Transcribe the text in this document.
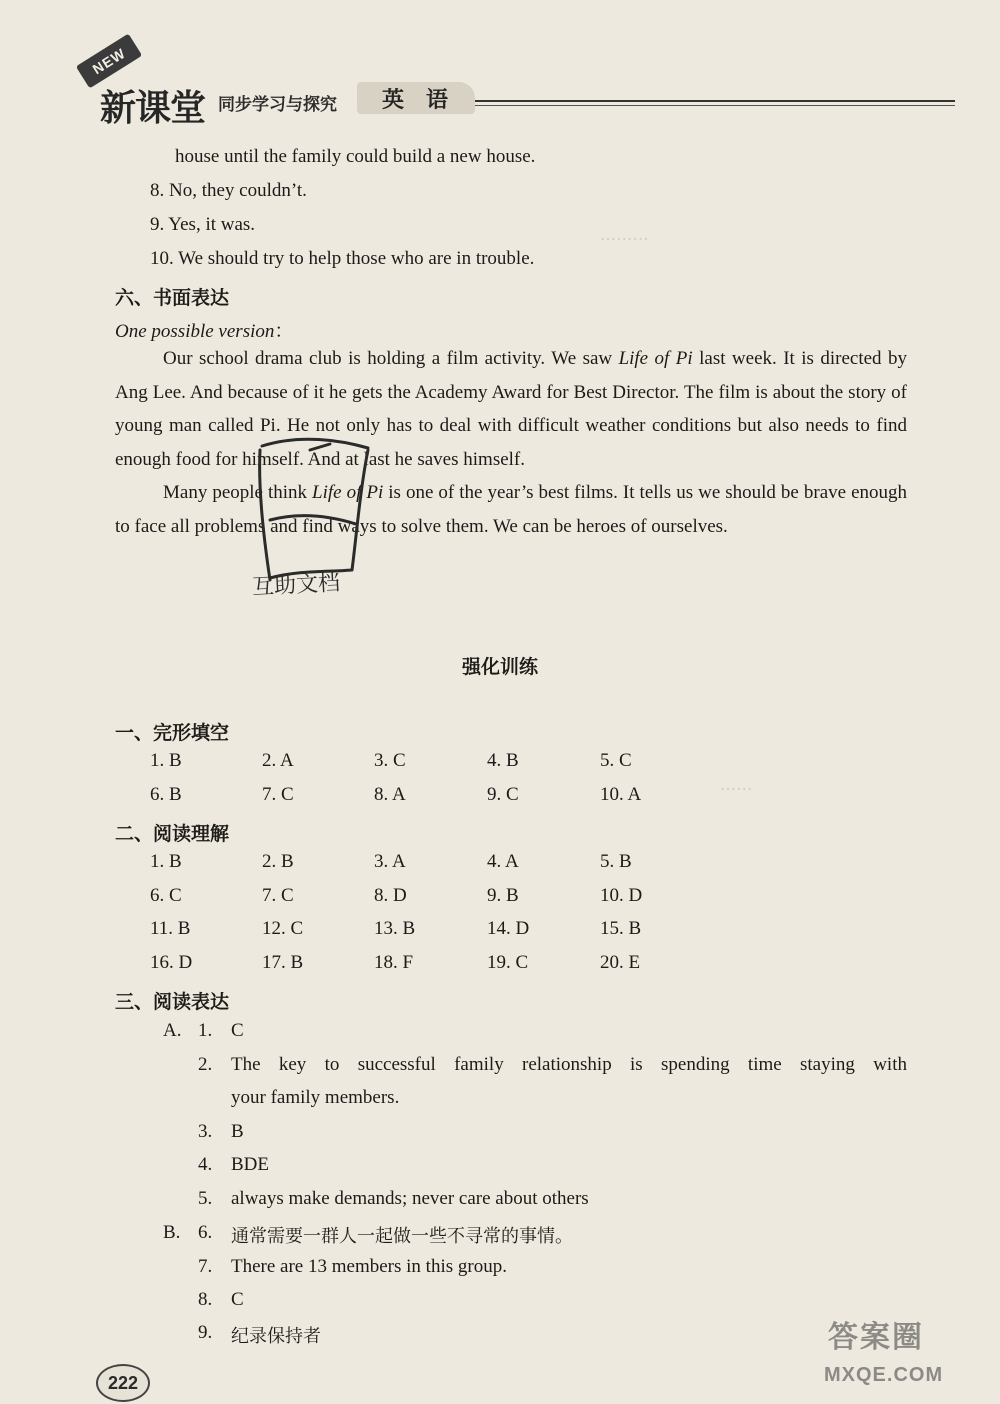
·········
······
NEW
新课堂 同步学习与探究	英语
house until the family could build a new house.
8. No, they couldn’t.
9. Yes, it was.
10. We should try to help those who are in trouble.
六、书面表达
One possible version：

Our school drama club is holding a film activity. We saw Life of Pi last week. It is directed by Ang Lee. And because of it he gets the Academy Award for Best Director. The film is about the story of young man called Pi. He not only has to deal with difficult weather conditions but also needs to find enough food for himself. And at last he saves himself.

Many people think Life of Pi is one of the year’s best films. It tells us we should be brave enough to face all problems and find ways to solve them. We can be heroes of ourselves.

互助文档
强化训练
一、完形填空
1. B	2. A	3. C	4. B	5. C
6. B	7. C	8. A	9. C	10. A
二、阅读理解
1. B	2. B	3. A	4. A	5. B
6. C	7. C	8. D	9. B	10. D
11. B	12. C	13. B	14. D	15. B
16. D	17. B	18. F	19. C	20. E
三、阅读表达
A.
B.
1. C
2. The key to successful family relationship is spending time staying with
your family members.
3. B
4. BDE
5. always make demands; never care about others
6. 通常需要一群人一起做一些不寻常的事情。
7. There are 13 members in this group.
8. C
9. 纪录保持者
222
答案圈
MXQE.COM
